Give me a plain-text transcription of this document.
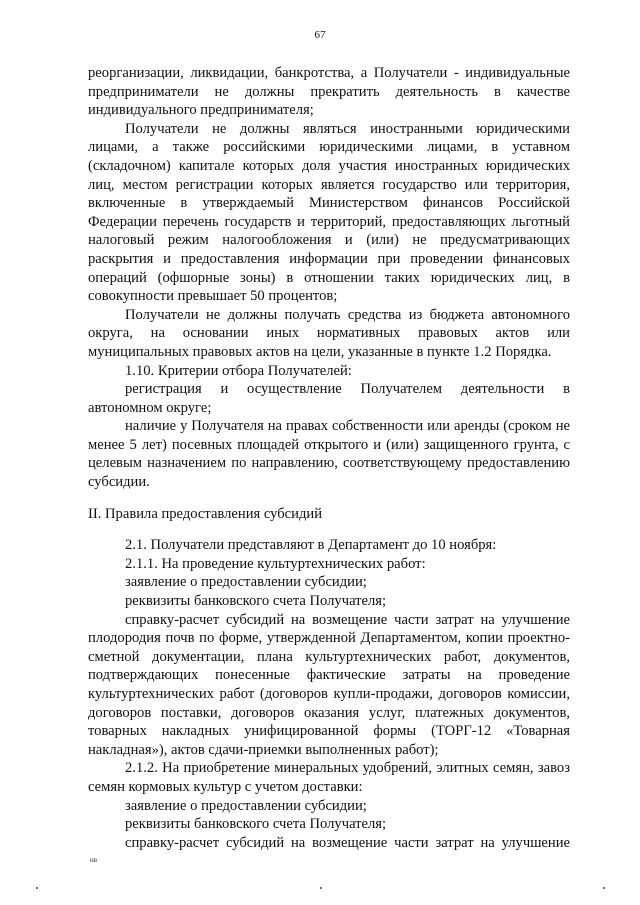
67
реорганизации, ликвидации, банкротства, а Получатели - индивидуальные предприниматели не должны прекратить деятельность в качестве индивидуального предпринимателя;
Получатели не должны являться иностранными юридическими лицами, а также российскими юридическими лицами, в уставном (складочном) капитале которых доля участия иностранных юридических лиц, местом регистрации которых является государство или территория, включенные в утверждаемый Министерством финансов Российской Федерации перечень государств и территорий, предоставляющих льготный налоговый режим налогообложения и (или) не предусматривающих раскрытия и предоставления информации при проведении финансовых операций (офшорные зоны) в отношении таких юридических лиц, в совокупности превышает 50 процентов;
Получатели не должны получать средства из бюджета автономного округа, на основании иных нормативных правовых актов или муниципальных правовых актов на цели, указанные в пункте 1.2 Порядка.
1.10. Критерии отбора Получателей:
регистрация и осуществление Получателем деятельности в автономном округе;
наличие у Получателя на правах собственности или аренды (сроком не менее 5 лет) посевных площадей открытого и (или) защищенного грунта, с целевым назначением по направлению, соответствующему предоставлению субсидии.
II. Правила предоставления субсидий
2.1. Получатели представляют в Департамент до 10 ноября:
2.1.1. На проведение культуртехнических работ:
заявление о предоставлении субсидии;
реквизиты банковского счета Получателя;
справку-расчет субсидий на возмещение части затрат на улучшение плодородия почв по форме, утвержденной Департаментом, копии проектно-сметной документации, плана культуртехнических работ, документов, подтверждающих понесенные фактические затраты на проведение культуртехнических работ (договоров купли-продажи, договоров комиссии, договоров поставки, договоров оказания услуг, платежных документов, товарных накладных унифицированной формы (ТОРГ-12 «Товарная накладная»), актов сдачи-приемки выполненных работ);
2.1.2. На приобретение минеральных удобрений, элитных семян, завоз семян кормовых культур с учетом доставки:
заявление о предоставлении субсидии;
реквизиты банковского счета Получателя;
справку-расчет субсидий на возмещение части затрат на улучшение
нв
